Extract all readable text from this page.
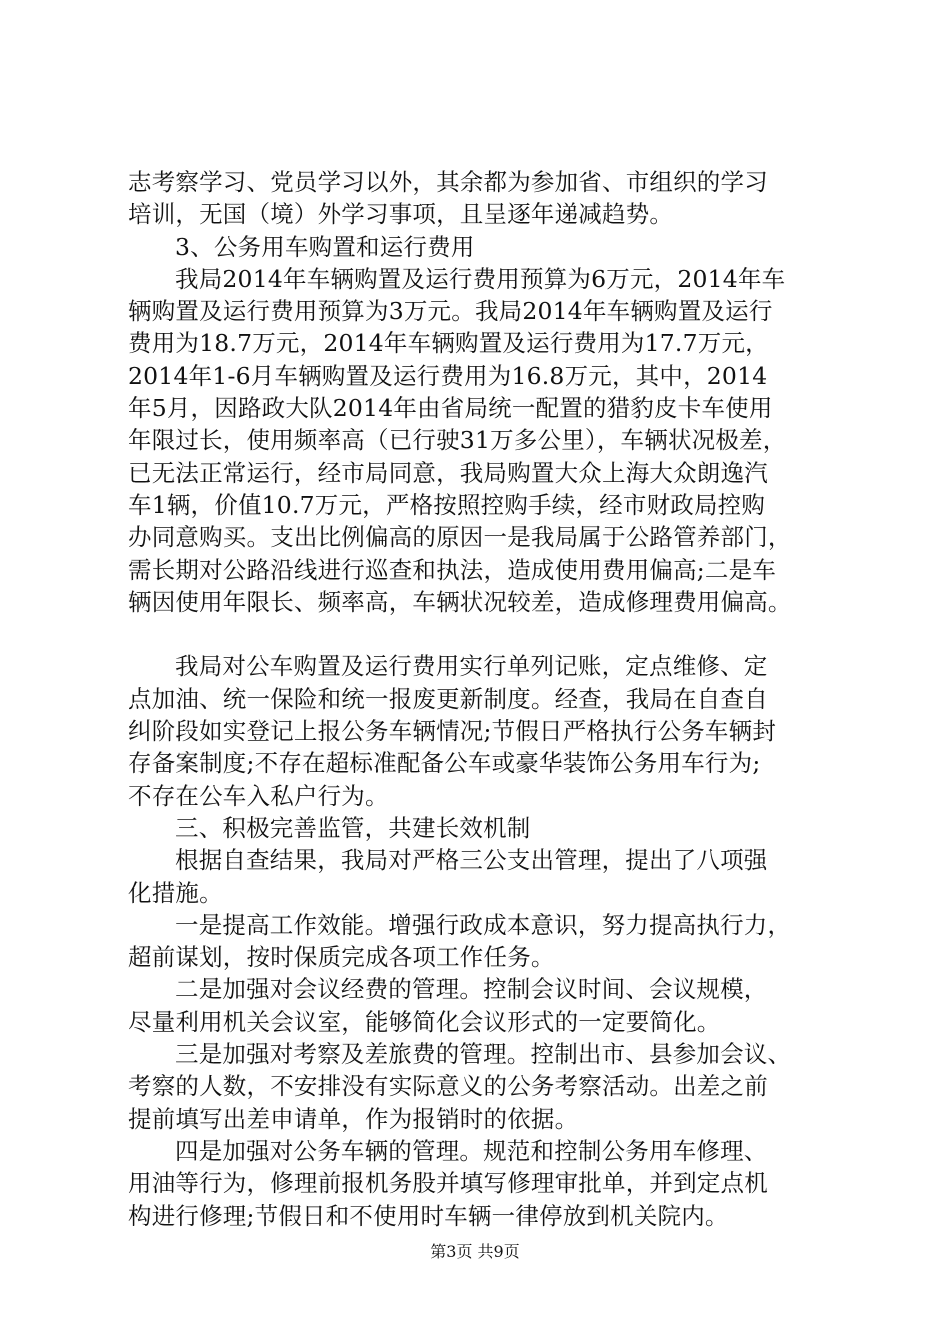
志考察学习、党员学习以外，其余都为参加省、市组织的学习
培训，无国（境）外学习事项，且呈逐年递减趋势。
3、公务用车购置和运行费用
我局2014年车辆购置及运行费用预算为6万元，2014年车
辆购置及运行费用预算为3万元。我局2014年车辆购置及运行
费用为18.7万元，2014年车辆购置及运行费用为17.7万元，
2014年1-6月车辆购置及运行费用为16.8万元，其中，2014
年5月，因路政大队2014年由省局统一配置的猎豹皮卡车使用
年限过长，使用频率高（已行驶31万多公里），车辆状况极差，
已无法正常运行，经市局同意，我局购置大众上海大众朗逸汽
车1辆，价值10.7万元，严格按照控购手续，经市财政局控购
办同意购买。支出比例偏高的原因一是我局属于公路管养部门，
需长期对公路沿线进行巡查和执法，造成使用费用偏高;二是车
辆因使用年限长、频率高，车辆状况较差，造成修理费用偏高。
我局对公车购置及运行费用实行单列记账，定点维修、定
点加油、统一保险和统一报废更新制度。经查，我局在自查自
纠阶段如实登记上报公务车辆情况;节假日严格执行公务车辆封
存备案制度;不存在超标准配备公车或豪华装饰公务用车行为;
不存在公车入私户行为。
三、积极完善监管，共建长效机制
根据自查结果，我局对严格三公支出管理，提出了八项强
化措施。
一是提高工作效能。增强行政成本意识，努力提高执行力，
超前谋划，按时保质完成各项工作任务。
二是加强对会议经费的管理。控制会议时间、会议规模，
尽量利用机关会议室，能够简化会议形式的一定要简化。
三是加强对考察及差旅费的管理。控制出市、县参加会议、
考察的人数，不安排没有实际意义的公务考察活动。出差之前
提前填写出差申请单，作为报销时的依据。
四是加强对公务车辆的管理。规范和控制公务用车修理、
用油等行为，修理前报机务股并填写修理审批单，并到定点机
构进行修理;节假日和不使用时车辆一律停放到机关院内。
第3页 共9页
